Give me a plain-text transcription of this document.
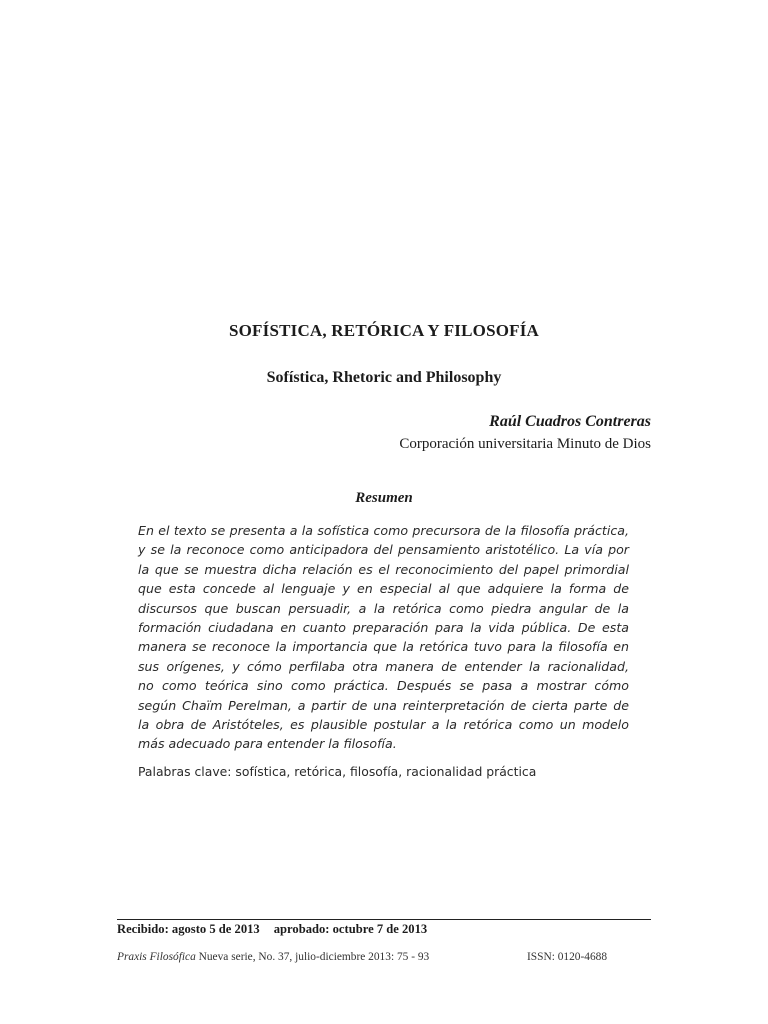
SOFÍSTICA, RETÓRICA Y FILOSOFÍA
Sofística, Rhetoric and Philosophy
Raúl Cuadros Contreras
Corporación universitaria Minuto de Dios
Resumen
En el texto se presenta a la sofística como precursora de la filosofía práctica,
y se la reconoce como anticipadora del pensamiento aristotélico. La vía por
la que se muestra dicha relación es el reconocimiento del papel primordial
que esta concede al lenguaje y en especial al que adquiere la forma de
discursos que buscan persuadir, a la retórica como piedra angular de la
formación ciudadana en cuanto preparación para la vida pública. De esta
manera se reconoce la importancia que la retórica tuvo para la filosofía en
sus orígenes, y cómo perfilaba otra manera de entender la racionalidad,
no como teórica sino como práctica. Después se pasa a mostrar cómo
según Chaïm Perelman, a partir de una reinterpretación de cierta parte de
la obra de Aristóteles, es plausible postular a la retórica como un modelo
más adecuado para entender la filosofía.
Palabras clave: sofística, retórica, filosofía, racionalidad práctica
Recibido: agosto 5 de 2013 aprobado: octubre 7 de 2013
Praxis Filosófica Nueva serie, No. 37, julio-diciembre 2013: 75 - 93	ISSN: 0120-4688
